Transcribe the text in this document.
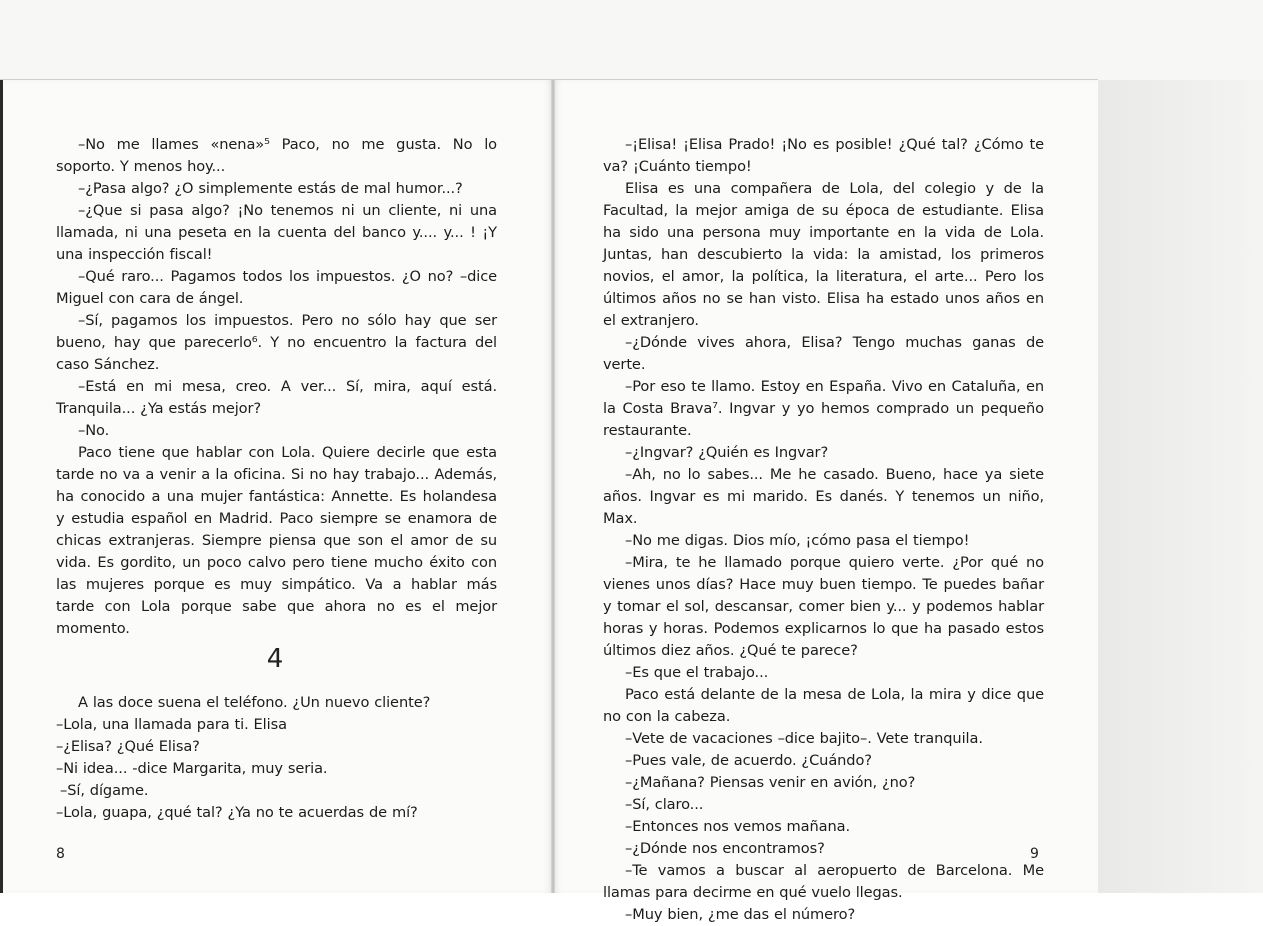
–No me llames «nena»⁵ Paco, no me gusta. No lo soporto. Y menos hoy...

–¿Pasa algo? ¿O simplemente estás de mal humor...?

–¿Que si pasa algo? ¡No tenemos ni un cliente, ni una llamada, ni una peseta en la cuenta del banco y.... y... ! ¡Y una inspección fiscal!

–Qué raro... Pagamos todos los impuestos. ¿O no? –dice Miguel con cara de ángel.

–Sí, pagamos los impuestos. Pero no sólo hay que ser bueno, hay que parecerlo⁶. Y no encuentro la factura del caso Sánchez.

–Está en mi mesa, creo. A ver... Sí, mira, aquí está. Tranquila... ¿Ya estás mejor?

–No.

Paco tiene que hablar con Lola. Quiere decirle que esta tarde no va a venir a la oficina. Si no hay trabajo... Además, ha conocido a una mujer fantástica: Annette. Es holandesa y estudia español en Madrid. Paco siempre se enamora de chicas extranjeras. Siempre piensa que son el amor de su vida. Es gordito, un poco calvo pero tiene mucho éxito con las mujeres porque es muy simpático. Va a hablar más tarde con Lola porque sabe que ahora no es el mejor momento.

4

A las doce suena el teléfono. ¿Un nuevo cliente?

–Lola, una llamada para ti. Elisa

–¿Elisa? ¿Qué Elisa?

–Ni idea... -dice Margarita, muy seria.

–Sí, dígame.

–Lola, guapa, ¿qué tal? ¿Ya no te acuerdas de mí?

8

–¡Elisa! ¡Elisa Prado! ¡No es posible! ¿Qué tal? ¿Cómo te va? ¡Cuánto tiempo!

Elisa es una compañera de Lola, del colegio y de la Facultad, la mejor amiga de su época de estudiante. Elisa ha sido una persona muy importante en la vida de Lola. Juntas, han descubierto la vida: la amistad, los primeros novios, el amor, la política, la literatura, el arte... Pero los últimos años no se han visto. Elisa ha estado unos años en el extranjero.

–¿Dónde vives ahora, Elisa? Tengo muchas ganas de verte.

–Por eso te llamo. Estoy en España. Vivo en Cataluña, en la Costa Brava⁷. Ingvar y yo hemos comprado un pequeño restaurante.

–¿Ingvar? ¿Quién es Ingvar?

–Ah, no lo sabes... Me he casado. Bueno, hace ya siete años. Ingvar es mi marido. Es danés. Y tenemos un niño, Max.

–No me digas. Dios mío, ¡cómo pasa el tiempo!

–Mira, te he llamado porque quiero verte. ¿Por qué no vienes unos días? Hace muy buen tiempo. Te puedes bañar y tomar el sol, descansar, comer bien y... y podemos hablar horas y horas. Podemos explicarnos lo que ha pasado estos últimos diez años. ¿Qué te parece?

–Es que el trabajo...

Paco está delante de la mesa de Lola, la mira y dice que no con la cabeza.

–Vete de vacaciones –dice bajito–. Vete tranquila.

–Pues vale, de acuerdo. ¿Cuándo?

–¿Mañana? Piensas venir en avión, ¿no?

–Sí, claro...

–Entonces nos vemos mañana.

–¿Dónde nos encontramos?

–Te vamos a buscar al aeropuerto de Barcelona. Me llamas para decirme en qué vuelo llegas.

–Muy bien, ¿me das el número?

9
